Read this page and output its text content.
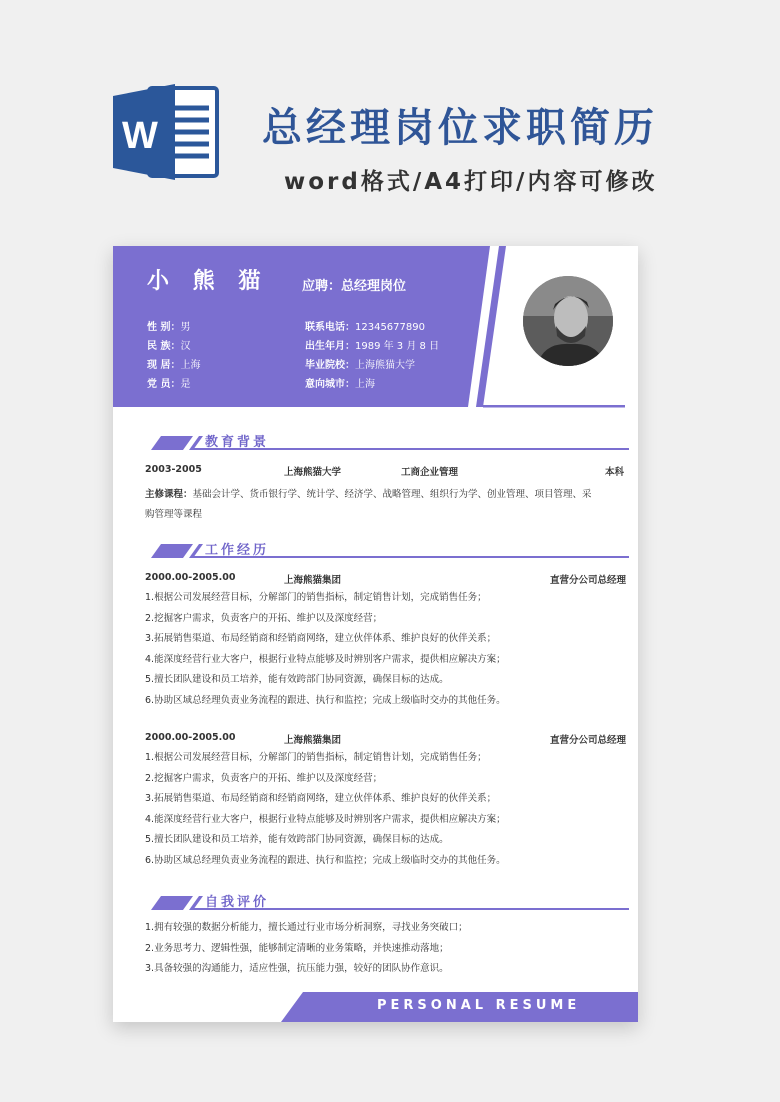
W	总经理岗位求职简历
word格式/A4打印/内容可修改
小 熊 猫	应聘：总经理岗位
性 别：男
民 族：汉
现 居：上海
党 员：是
联系电话：12345677890
出生年月：1989 年 3 月 8 日
毕业院校：上海熊猫大学
意向城市：上海
教育背景
2003-2005	上海熊猫大学	工商企业管理	本科
主修课程：基础会计学、货币银行学、统计学、经济学、战略管理、组织行为学、创业管理、项目管理、采
购管理等课程
工作经历
2000.00-2005.00	上海熊猫集团	直营分公司总经理
1.根据公司发展经营目标，分解部门的销售指标，制定销售计划，完成销售任务；
2.挖掘客户需求，负责客户的开拓、维护以及深度经营；
3.拓展销售渠道、布局经销商和经销商网络，建立伙伴体系、维护良好的伙伴关系；
4.能深度经营行业大客户，根据行业特点能够及时辨别客户需求，提供相应解决方案；
5.擅长团队建设和员工培养，能有效跨部门协同资源，确保目标的达成。
6.协助区域总经理负责业务流程的跟进、执行和监控；完成上级临时交办的其他任务。
2000.00-2005.00	上海熊猫集团	直营分公司总经理
1.根据公司发展经营目标，分解部门的销售指标，制定销售计划，完成销售任务；
2.挖掘客户需求，负责客户的开拓、维护以及深度经营；
3.拓展销售渠道、布局经销商和经销商网络，建立伙伴体系、维护良好的伙伴关系；
4.能深度经营行业大客户，根据行业特点能够及时辨别客户需求，提供相应解决方案；
5.擅长团队建设和员工培养，能有效跨部门协同资源，确保目标的达成。
6.协助区域总经理负责业务流程的跟进、执行和监控；完成上级临时交办的其他任务。
自我评价
1.拥有较强的数据分析能力，擅长通过行业市场分析洞察，寻找业务突破口；
2.业务思考力、逻辑性强，能够制定清晰的业务策略，并快速推动落地；
3.具备较强的沟通能力，适应性强，抗压能力强，较好的团队协作意识。
PERSONAL RESUME
